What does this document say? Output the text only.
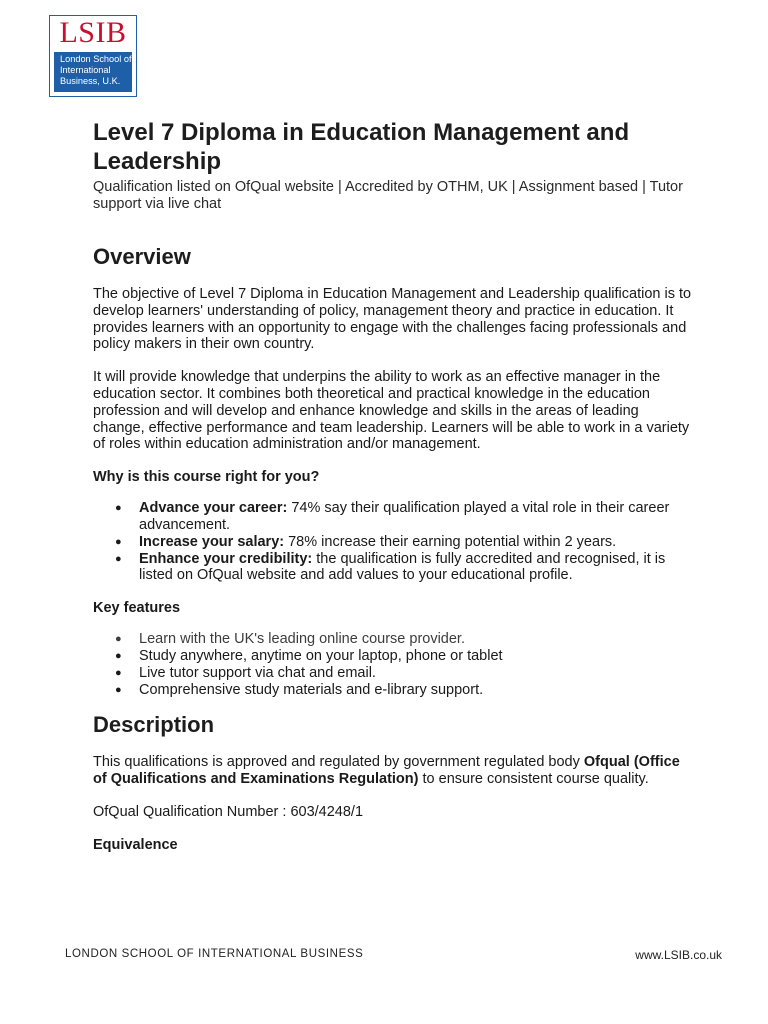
LSIB
London School of
International
Business, U.K.
Level 7 Diploma in Education Management and Leadership

Qualification listed on OfQual website | Accredited by OTHM, UK | Assignment based | Tutor support via live chat

Overview

The objective of Level 7 Diploma in Education Management and Leadership qualification is to develop learners' understanding of policy, management theory and practice in education. It provides learners with an opportunity to engage with the challenges facing professionals and policy makers in their own country.

It will provide knowledge that underpins the ability to work as an effective manager in the education sector. It combines both theoretical and practical knowledge in the education profession and will develop and enhance knowledge and skills in the areas of leading change, effective performance and team leadership. Learners will be able to work in a variety of roles within education administration and/or management.

Why is this course right for you?

● Advance your career: 74% say their qualification played a vital role in their career advancement.
● Increase your salary: 78% increase their earning potential within 2 years.
● Enhance your credibility: the qualification is fully accredited and recognised, it is listed on OfQual website and add values to your educational profile.

Key features

● Learn with the UK's leading online course provider.
● Study anywhere, anytime on your laptop, phone or tablet
● Live tutor support via chat and email.
● Comprehensive study materials and e-library support.
Description

This qualifications is approved and regulated by government regulated body Ofqual (Office of Qualifications and Examinations Regulation) to ensure consistent course quality.

OfQual Qualification Number : 603/4248/1

Equivalence

LONDON SCHOOL OF INTERNATIONAL BUSINESS	www.LSIB.co.uk
